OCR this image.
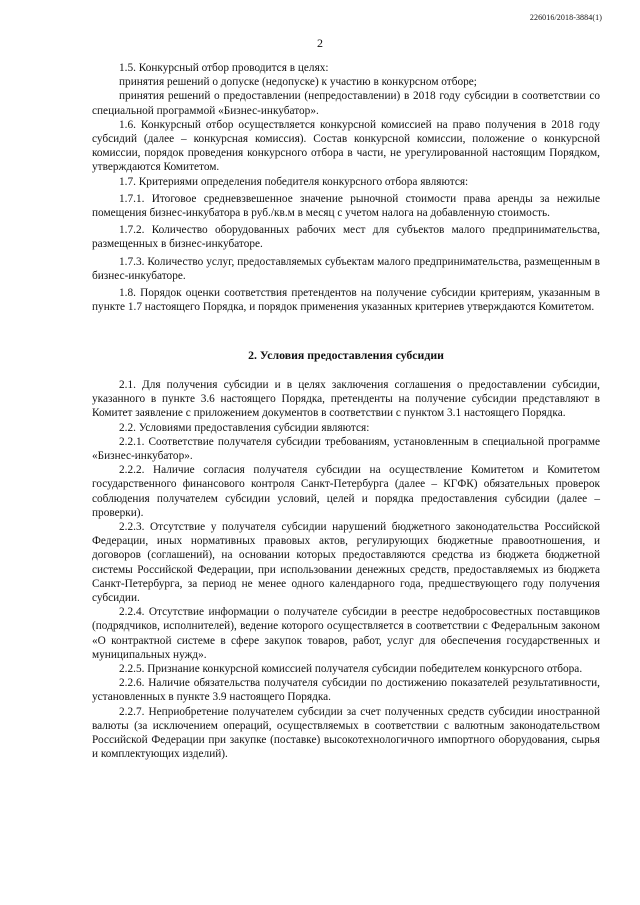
226016/2018-3884(1)
2

1.5. Конкурсный отбор проводится в целях:

принятия решений о допуске (недопуске) к участию в конкурсном отборе;

принятия решений о предоставлении (непредоставлении) в 2018 году субсидии в соответствии со специальной программой «Бизнес-инкубатор».

1.6. Конкурсный отбор осуществляется конкурсной комиссией на право получения в 2018 году субсидий (далее – конкурсная комиссия). Состав конкурсной комиссии, положение о конкурсной комиссии, порядок проведения конкурсного отбора в части, не урегулированной настоящим Порядком, утверждаются Комитетом.

1.7. Критериями определения победителя конкурсного отбора являются:

1.7.1. Итоговое средневзвешенное значение рыночной стоимости права аренды за нежилые помещения бизнес-инкубатора в руб./кв.м в месяц с учетом налога на добавленную стоимость.

1.7.2. Количество оборудованных рабочих мест для субъектов малого предпринимательства, размещенных в бизнес-инкубаторе.

1.7.3. Количество услуг, предоставляемых субъектам малого предпринимательства, размещенным в бизнес-инкубаторе.

1.8. Порядок оценки соответствия претендентов на получение субсидии критериям, указанным в пункте 1.7 настоящего Порядка, и порядок применения указанных критериев утверждаются Комитетом.

2. Условия предоставления субсидии

2.1. Для получения субсидии и в целях заключения соглашения о предоставлении субсидии, указанного в пункте 3.6 настоящего Порядка, претенденты на получение субсидии представляют в Комитет заявление с приложением документов в соответствии с пунктом 3.1 настоящего Порядка.

2.2. Условиями предоставления субсидии являются:

2.2.1. Соответствие получателя субсидии требованиям, установленным в специальной программе «Бизнес-инкубатор».

2.2.2. Наличие согласия получателя субсидии на осуществление Комитетом и Комитетом государственного финансового контроля Санкт-Петербурга (далее – КГФК) обязательных проверок соблюдения получателем субсидии условий, целей и порядка предоставления субсидии (далее – проверки).

2.2.3. Отсутствие у получателя субсидии нарушений бюджетного законодательства Российской Федерации, иных нормативных правовых актов, регулирующих бюджетные правоотношения, и договоров (соглашений), на основании которых предоставляются средства из бюджета бюджетной системы Российской Федерации, при использовании денежных средств, предоставляемых из бюджета Санкт-Петербурга, за период не менее одного календарного года, предшествующего году получения субсидии.

2.2.4. Отсутствие информации о получателе субсидии в реестре недобросовестных поставщиков (подрядчиков, исполнителей), ведение которого осуществляется в соответствии с Федеральным законом «О контрактной системе в сфере закупок товаров, работ, услуг для обеспечения государственных и муниципальных нужд».

2.2.5. Признание конкурсной комиссией получателя субсидии победителем конкурсного отбора.

2.2.6. Наличие обязательства получателя субсидии по достижению показателей результативности, установленных в пункте 3.9 настоящего Порядка.

2.2.7. Неприобретение получателем субсидии за счет полученных средств субсидии иностранной валюты (за исключением операций, осуществляемых в соответствии с валютным законодательством Российской Федерации при закупке (поставке) высокотехнологичного импортного оборудования, сырья и комплектующих изделий).
